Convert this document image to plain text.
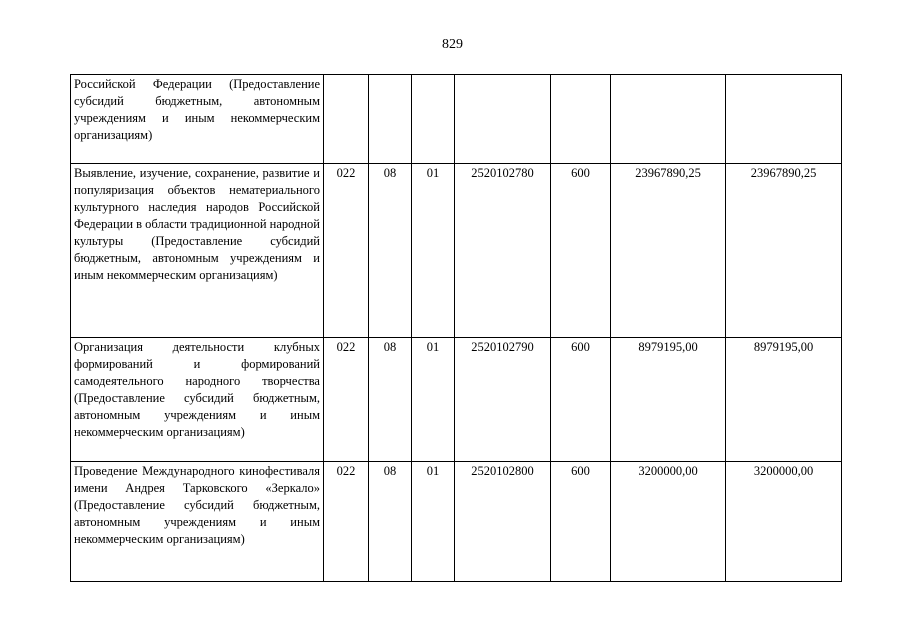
829
Российской Федерации (Предоставление субсидий бюджетным, автономным учреждениям и иным некоммерческим организациям)							
Выявление, изучение, сохранение, развитие и популяризация объектов нематериального культурного наследия народов Российской Федерации в области традиционной народной культуры (Предоставление субсидий бюджетным, автономным учреждениям и иным некоммерческим организациям)	022	08	01	2520102780	600	23967890,25	23967890,25
Организация деятельности клубных формирований и формирований самодеятельного народного творчества (Предоставление субсидий бюджетным, автономным учреждениям и иным некоммерческим организациям)	022	08	01	2520102790	600	8979195,00	8979195,00
Проведение Международного кинофестиваля имени Андрея Тарковского «Зеркало» (Предоставление субсидий бюджетным, автономным учреждениям и иным некоммерческим организациям)	022	08	01	2520102800	600	3200000,00	3200000,00
